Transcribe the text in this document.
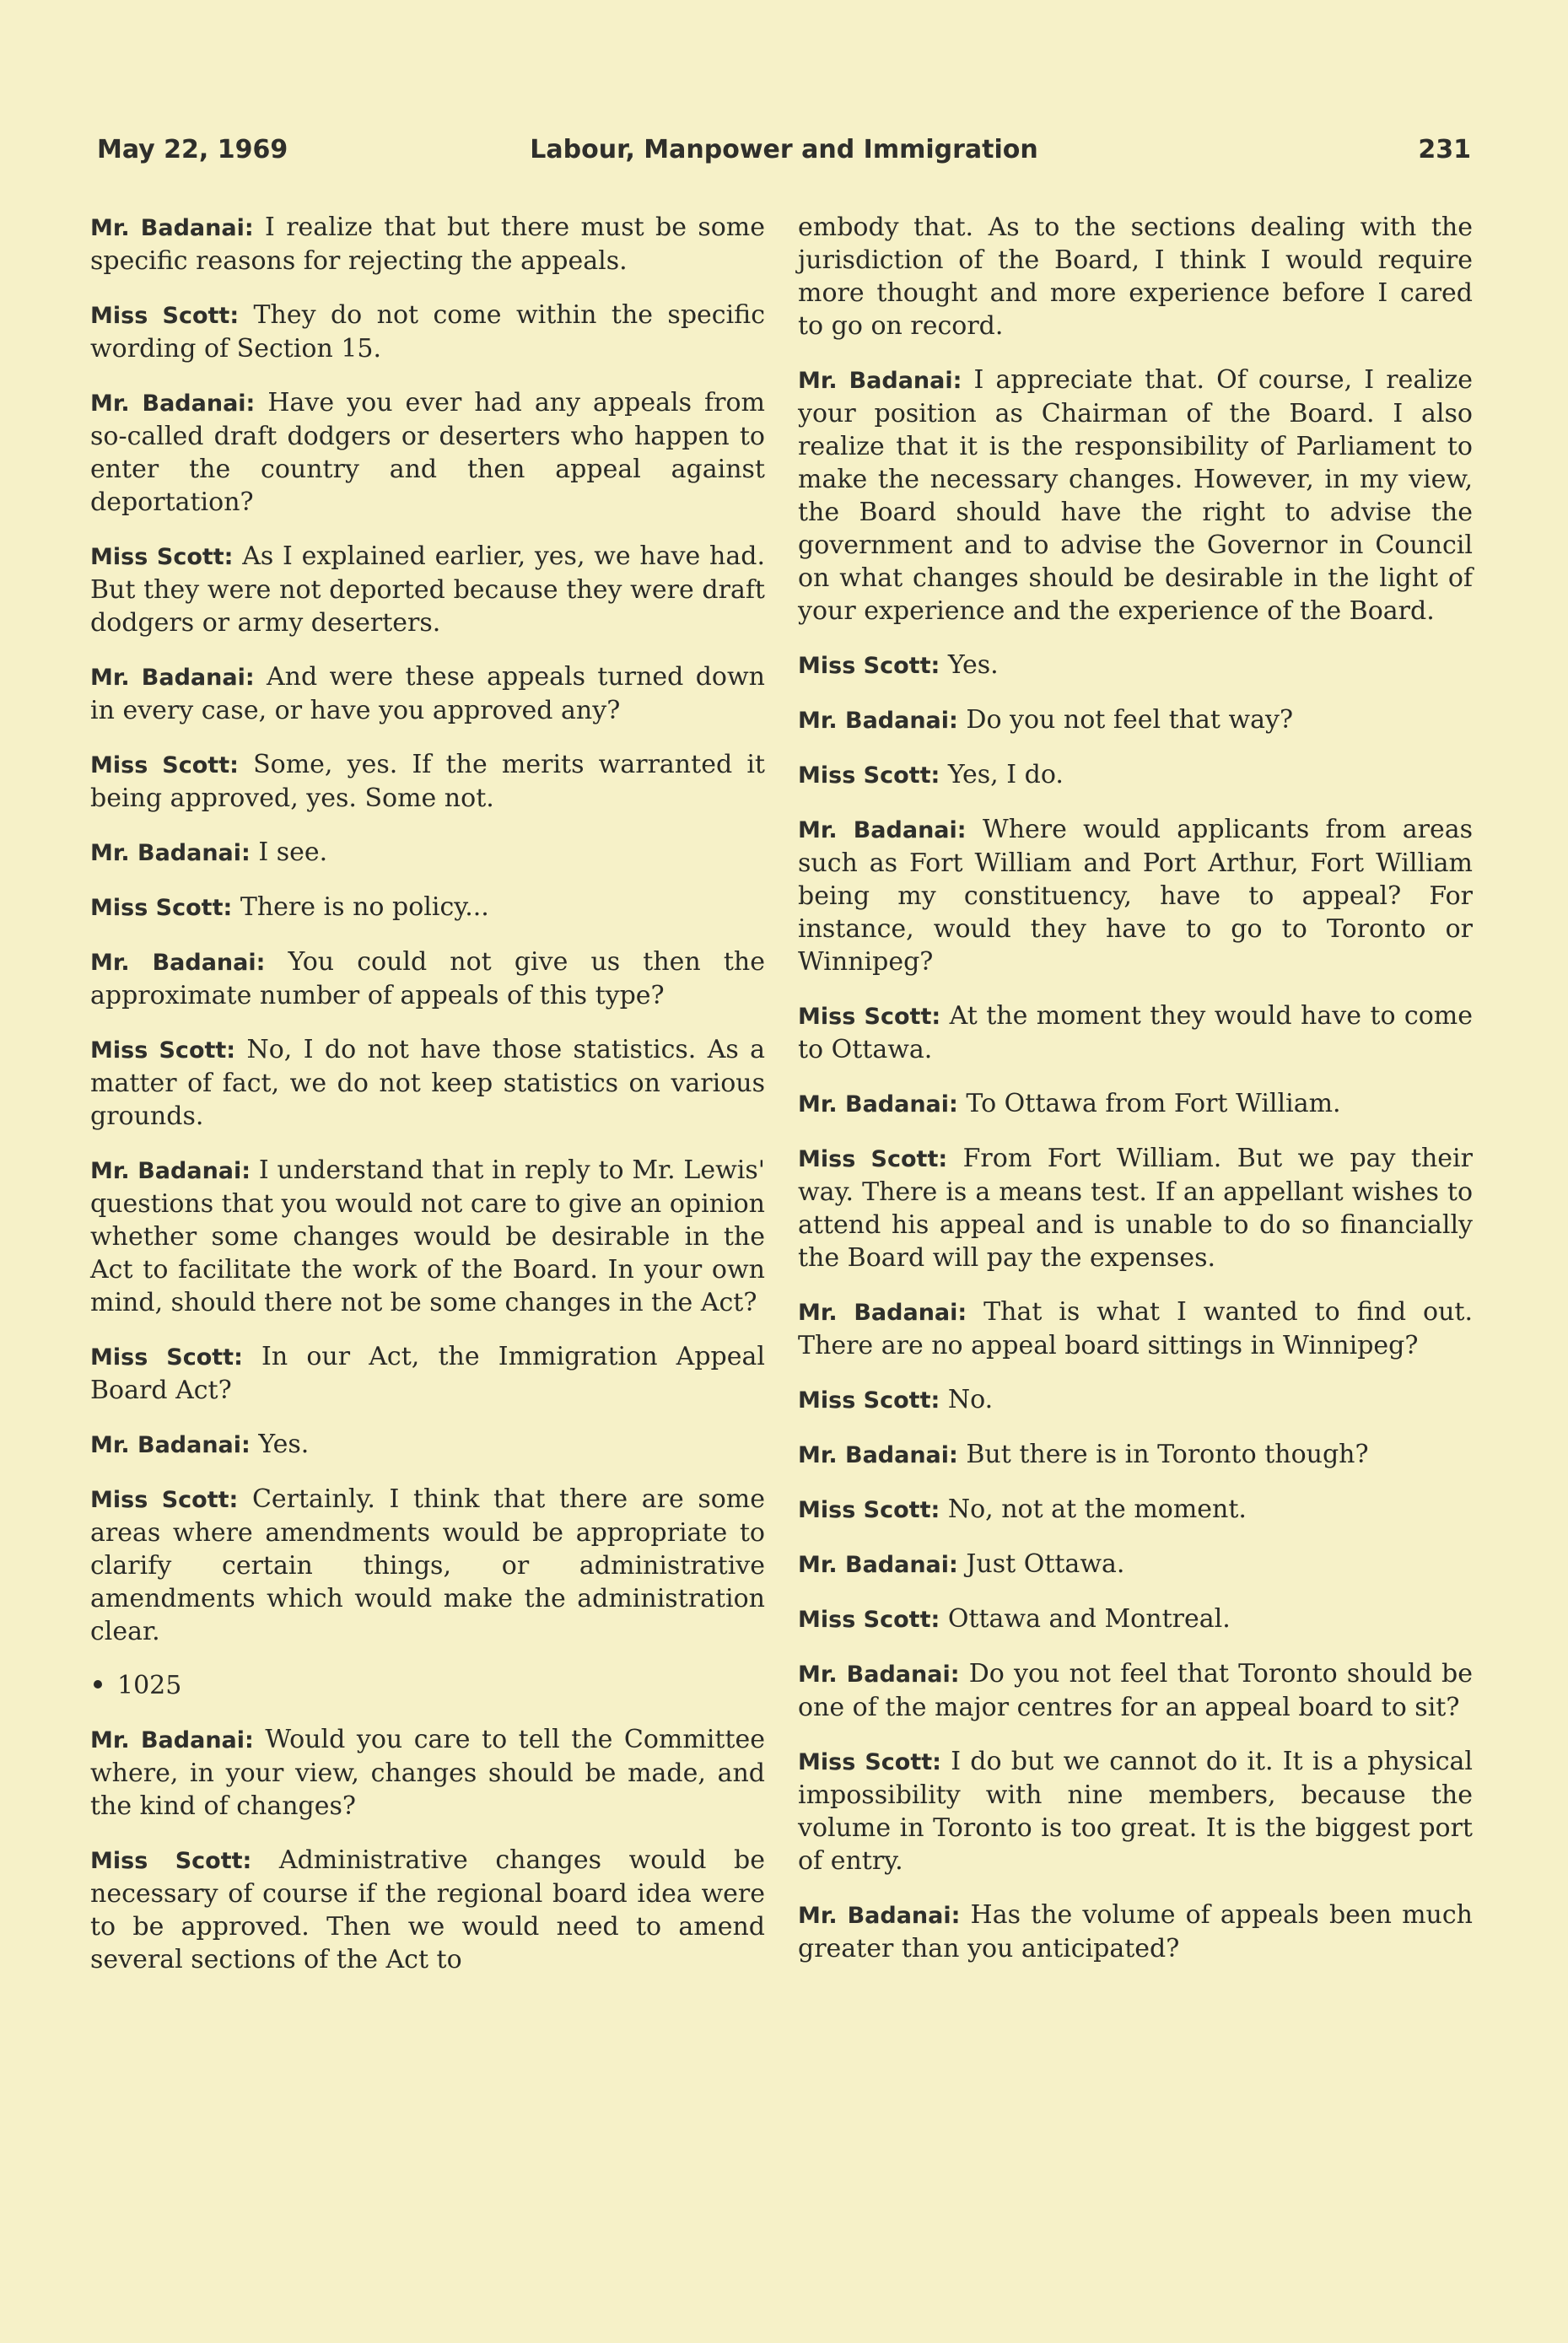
May 22, 1969	Labour, Manpower and Immigration	231

Mr. Badanai: I realize that but there must be some specific reasons for rejecting the appeals.

Miss Scott: They do not come within the specific wording of Section 15.

Mr. Badanai: Have you ever had any appeals from so-called draft dodgers or deserters who happen to enter the country and then appeal against deportation?

Miss Scott: As I explained earlier, yes, we have had. But they were not deported because they were draft dodgers or army deserters.

Mr. Badanai: And were these appeals turned down in every case, or have you approved any?

Miss Scott: Some, yes. If the merits warranted it being approved, yes. Some not.

Mr. Badanai: I see.

Miss Scott: There is no policy...

Mr. Badanai: You could not give us then the approximate number of appeals of this type?

Miss Scott: No, I do not have those statistics. As a matter of fact, we do not keep statistics on various grounds.

Mr. Badanai: I understand that in reply to Mr. Lewis' questions that you would not care to give an opinion whether some changes would be desirable in the Act to facilitate the work of the Board. In your own mind, should there not be some changes in the Act?

Miss Scott: In our Act, the Immigration Appeal Board Act?

Mr. Badanai: Yes.

Miss Scott: Certainly. I think that there are some areas where amendments would be appropriate to clarify certain things, or administrative amendments which would make the administration clear.

1025

Mr. Badanai: Would you care to tell the Committee where, in your view, changes should be made, and the kind of changes?

Miss Scott: Administrative changes would be necessary of course if the regional board idea were to be approved. Then we would need to amend several sections of the Act to

embody that. As to the sections dealing with the jurisdiction of the Board, I think I would require more thought and more experience before I cared to go on record.

Mr. Badanai: I appreciate that. Of course, I realize your position as Chairman of the Board. I also realize that it is the responsibility of Parliament to make the necessary changes. However, in my view, the Board should have the right to advise the government and to advise the Governor in Council on what changes should be desirable in the light of your experience and the experience of the Board.

Miss Scott: Yes.

Mr. Badanai: Do you not feel that way?

Miss Scott: Yes, I do.

Mr. Badanai: Where would applicants from areas such as Fort William and Port Arthur, Fort William being my constituency, have to appeal? For instance, would they have to go to Toronto or Winnipeg?

Miss Scott: At the moment they would have to come to Ottawa.

Mr. Badanai: To Ottawa from Fort William.

Miss Scott: From Fort William. But we pay their way. There is a means test. If an appellant wishes to attend his appeal and is unable to do so financially the Board will pay the expenses.

Mr. Badanai: That is what I wanted to find out. There are no appeal board sittings in Winnipeg?

Miss Scott: No.

Mr. Badanai: But there is in Toronto though?

Miss Scott: No, not at the moment.

Mr. Badanai: Just Ottawa.

Miss Scott: Ottawa and Montreal.

Mr. Badanai: Do you not feel that Toronto should be one of the major centres for an appeal board to sit?

Miss Scott: I do but we cannot do it. It is a physical impossibility with nine members, because the volume in Toronto is too great. It is the biggest port of entry.

Mr. Badanai: Has the volume of appeals been much greater than you anticipated?
